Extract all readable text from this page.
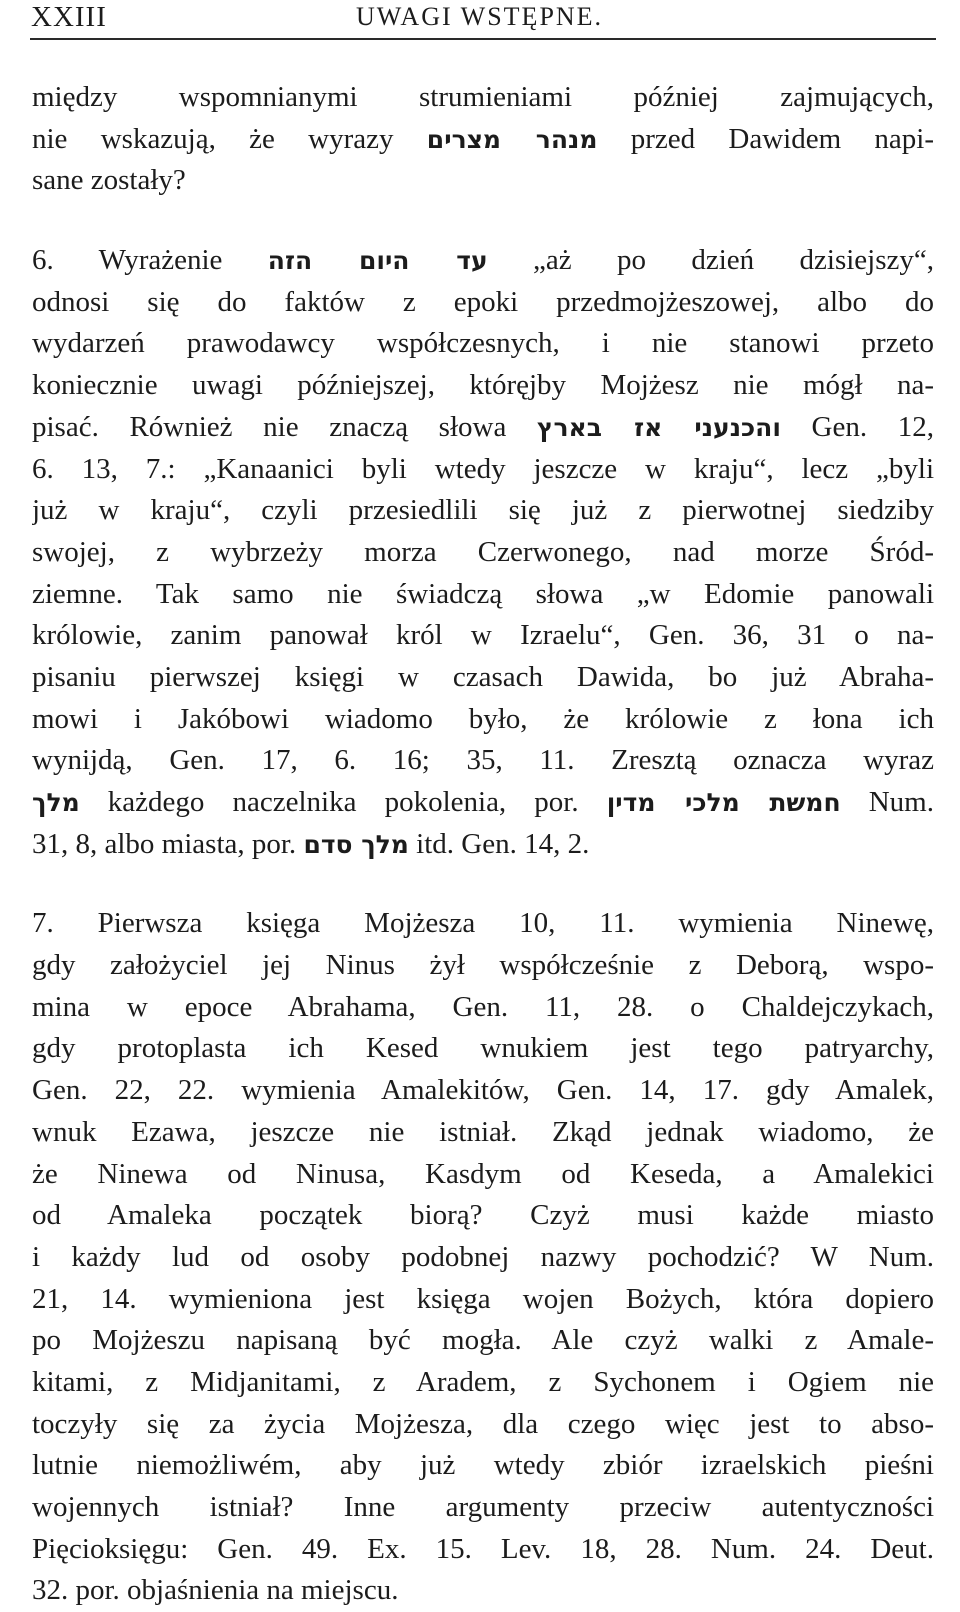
XXIII	UWAGI WSTĘPNE.
między wspomnianymi strumieniami później zajmujących,
nie wskazują, że wyrazy מנהר מצרים przed Dawidem napi-
sane zostały?
6. Wyrażenie עד היום הזה „aż po dzień dzisiejszy“,
odnosi się do faktów z epoki przedmojżeszowej, albo do
wydarzeń prawodawcy współczesnych, i nie stanowi przeto
koniecznie uwagi późniejszej, któręjby Mojżesz nie mógł na-
pisać. Również nie znaczą słowa והכנעני אז בארץ Gen. 12,
6. 13, 7.: „Kanaanici byli wtedy jeszcze w kraju“, lecz „byli
już w kraju“, czyli przesiedlili się już z pierwotnej siedziby
swojej, z wybrzeży morza Czerwonego, nad morze Śród-
ziemne. Tak samo nie świadczą słowa „w Edomie panowali
królowie, zanim panował król w Izraelu“, Gen. 36, 31 o na-
pisaniu pierwszej księgi w czasach Dawida, bo już Abraha-
mowi i Jakóbowi wiadomo było, że królowie z łona ich
wynijdą, Gen. 17, 6. 16; 35, 11. Zresztą oznacza wyraz
מלך każdego naczelnika pokolenia, por. חמשת מלכי מדין Num.
31, 8, albo miasta, por. מלך סדם itd. Gen. 14, 2.
7. Pierwsza księga Mojżesza 10, 11. wymienia Ninewę,
gdy założyciel jej Ninus żył współcześnie z Deborą, wspo-
mina w epoce Abrahama, Gen. 11, 28. o Chaldejczykach,
gdy protoplasta ich Kesed wnukiem jest tego patryarchy,
Gen. 22, 22. wymienia Amalekitów, Gen. 14, 17. gdy Amalek,
wnuk Ezawa, jeszcze nie istniał. Zkąd jednak wiadomo, że
że Ninewa od Ninusa, Kasdym od Keseda, a Amalekici
od Amaleka początek biorą? Czyż musi każde miasto
i każdy lud od osoby podobnej nazwy pochodzić? W Num.
21, 14. wymieniona jest księga wojen Bożych, która dopiero
po Mojżeszu napisaną być mogła. Ale czyż walki z Amale-
kitami, z Midjanitami, z Aradem, z Sychonem i Ogiem nie
toczyły się za życia Mojżesza, dla czego więc jest to abso-
lutnie niemożliwém, aby już wtedy zbiór izraelskich pieśni
wojennych istniał? Inne argumenty przeciw autentyczności
Pięcioksięgu: Gen. 49. Ex. 15. Lev. 18, 28. Num. 24. Deut.
32. por. objaśnienia na miejscu.
